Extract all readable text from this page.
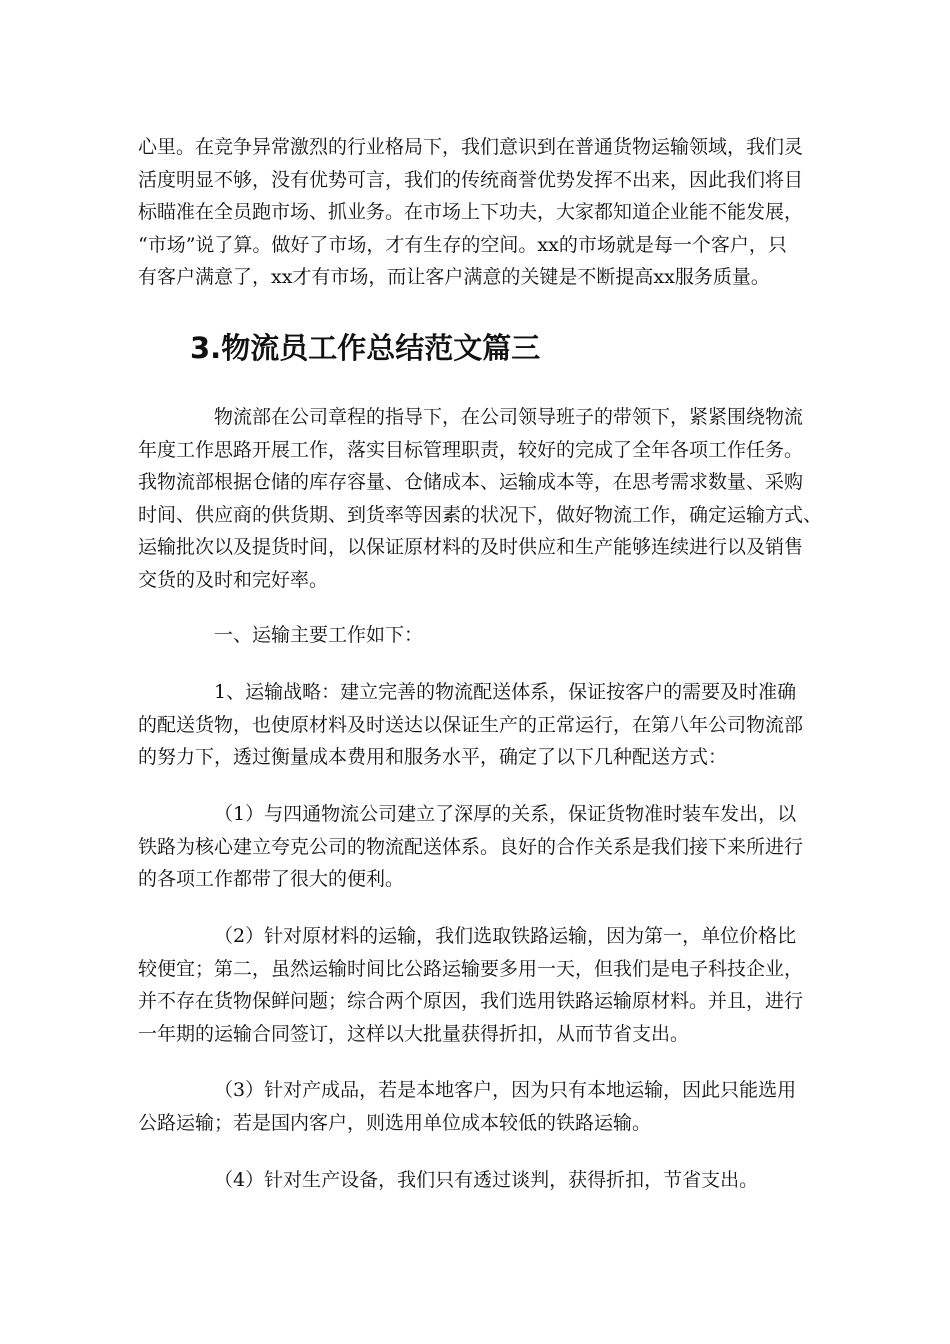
心里。在竞争异常激烈的行业格局下，我们意识到在普通货物运输领域，我们灵
活度明显不够，没有优势可言，我们的传统商誉优势发挥不出来，因此我们将目
标瞄准在全员跑市场、抓业务。在市场上下功夫，大家都知道企业能不能发展，
“市场”说了算。做好了市场，才有生存的空间。xx的市场就是每一个客户，只
有客户满意了，xx才有市场，而让客户满意的关键是不断提高xx服务质量。
3.物流员工作总结范文篇三
物流部在公司章程的指导下，在公司领导班子的带领下，紧紧围绕物流
年度工作思路开展工作，落实目标管理职责，较好的完成了全年各项工作任务。
我物流部根据仓储的库存容量、仓储成本、运输成本等，在思考需求数量、采购
时间、供应商的供货期、到货率等因素的状况下，做好物流工作，确定运输方式、
运输批次以及提货时间，以保证原材料的及时供应和生产能够连续进行以及销售
交货的及时和完好率。
一、运输主要工作如下：
1、运输战略：建立完善的物流配送体系，保证按客户的需要及时准确
的配送货物，也使原材料及时送达以保证生产的正常运行，在第八年公司物流部
的努力下，透过衡量成本费用和服务水平，确定了以下几种配送方式：
（1）与四通物流公司建立了深厚的关系，保证货物准时装车发出，以
铁路为核心建立夸克公司的物流配送体系。良好的合作关系是我们接下来所进行
的各项工作都带了很大的便利。
（2）针对原材料的运输，我们选取铁路运输，因为第一，单位价格比
较便宜；第二，虽然运输时间比公路运输要多用一天，但我们是电子科技企业，
并不存在货物保鲜问题；综合两个原因，我们选用铁路运输原材料。并且，进行
一年期的运输合同签订，这样以大批量获得折扣，从而节省支出。
（3）针对产成品，若是本地客户，因为只有本地运输，因此只能选用
公路运输；若是国内客户，则选用单位成本较低的铁路运输。
（4）针对生产设备，我们只有透过谈判，获得折扣，节省支出。
